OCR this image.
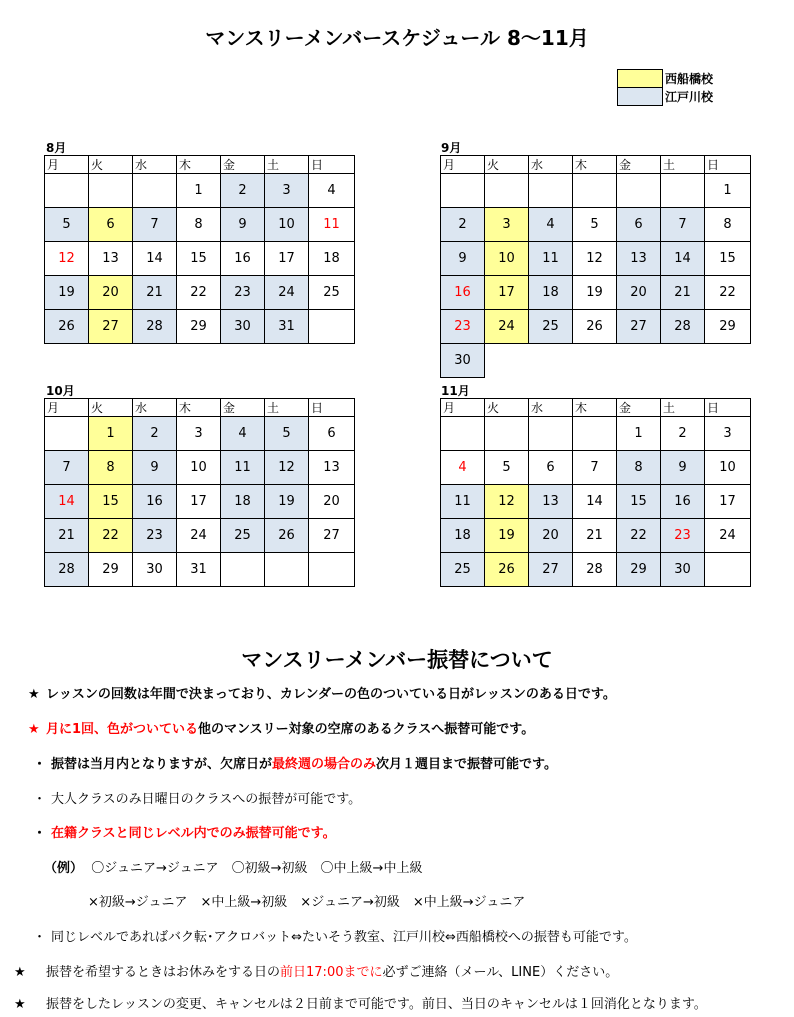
マンスリーメンバースケジュール 8〜11月
	西船橋校
	江戸川校
8月
月	火	水	木	金	土	日
			1	2	3	4
5	6	7	8	9	10	11
12	13	14	15	16	17	18
19	20	21	22	23	24	25
26	27	28	29	30	31	
9月
月	火	水	木	金	土	日
						1
2	3	4	5	6	7	8
9	10	11	12	13	14	15
16	17	18	19	20	21	22
23	24	25	26	27	28	29
30						
10月
月	火	水	木	金	土	日
	1	2	3	4	5	6
7	8	9	10	11	12	13
14	15	16	17	18	19	20
21	22	23	24	25	26	27
28	29	30	31			
11月
月	火	水	木	金	土	日
				1	2	3
4	5	6	7	8	9	10
11	12	13	14	15	16	17
18	19	20	21	22	23	24
25	26	27	28	29	30	
マンスリーメンバー振替について
★ レッスンの回数は年間で決まっており、カレンダーの色のついている日がレッスンのある日です。
★ 月に1回、色がついている他のマンスリー対象の空席のあるクラスへ振替可能です。
・ 振替は当月内となりますが、欠席日が最終週の場合のみ次月１週目まで振替可能です。
・ 大人クラスのみ日曜日のクラスへの振替が可能です。
・ 在籍クラスと同じレベル内でのみ振替可能です。
（例） 〇ジュニア→ジュニア　〇初級→初級　〇中上級→中上級
×初級→ジュニア　×中上級→初級　×ジュニア→初級　×中上級→ジュニア
・ 同じレベルであればバク転･アクロバット⇔たいそう教室、江戸川校⇔西船橋校への振替も可能です。
★ 振替を希望するときはお休みをする日の前日17:00までに必ずご連絡（メール、LINE）ください。
★ 振替をしたレッスンの変更、キャンセルは２日前まで可能です。前日、当日のキャンセルは１回消化となります。
